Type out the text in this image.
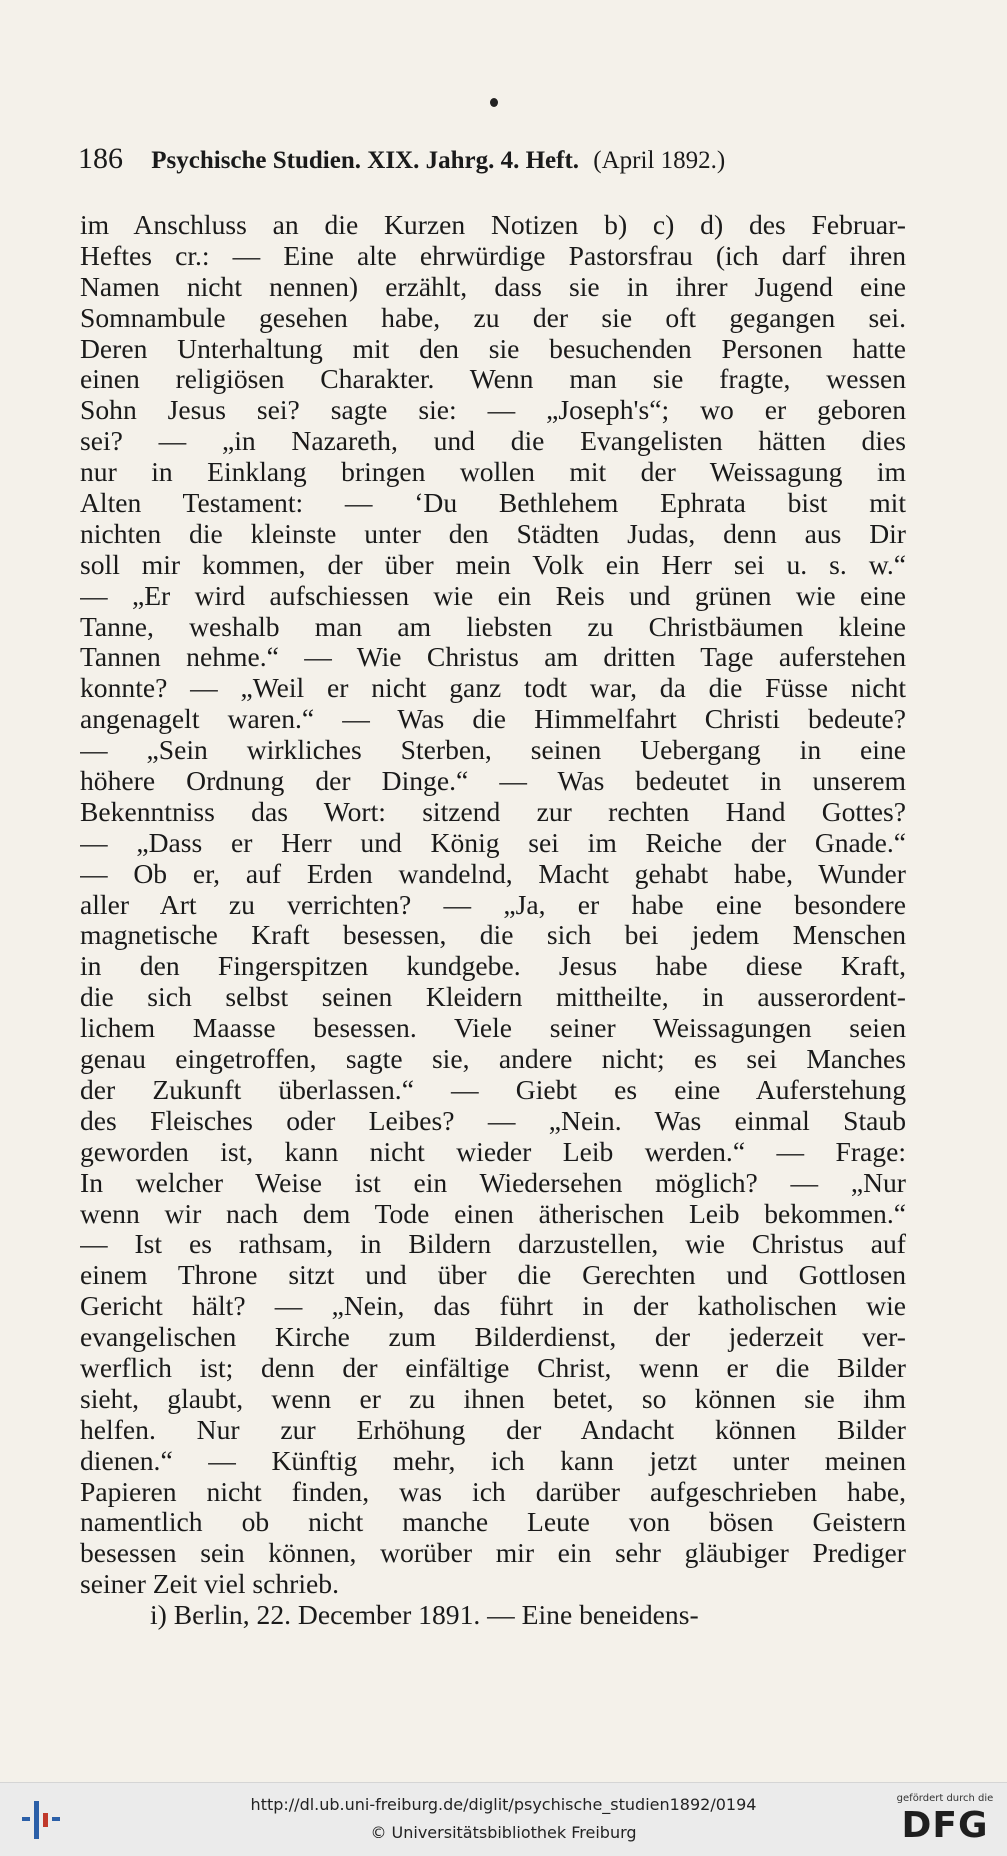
186 Psychische Studien. XIX. Jahrg. 4. Heft. (April 1892.)
im Anschluss an die Kurzen Notizen b) c) d) des Februar-
Heftes cr.: — Eine alte ehrwürdige Pastorsfrau (ich darf ihren
Namen nicht nennen) erzählt, dass sie in ihrer Jugend eine
Somnambule gesehen habe, zu der sie oft gegangen sei.
Deren Unterhaltung mit den sie besuchenden Personen hatte
einen religiösen Charakter. Wenn man sie fragte, wessen
Sohn Jesus sei? sagte sie: — „Joseph's“; wo er geboren
sei? — „in Nazareth, und die Evangelisten hätten dies
nur in Einklang bringen wollen mit der Weissagung im
Alten Testament: — ‘Du Bethlehem Ephrata bist mit
nichten die kleinste unter den Städten Judas, denn aus Dir
soll mir kommen, der über mein Volk ein Herr sei u. s. w.“
— „Er wird aufschiessen wie ein Reis und grünen wie eine
Tanne, weshalb man am liebsten zu Christbäumen kleine
Tannen nehme.“ — Wie Christus am dritten Tage auferstehen
konnte? — „Weil er nicht ganz todt war, da die Füsse nicht
angenagelt waren.“ — Was die Himmelfahrt Christi bedeute?
— „Sein wirkliches Sterben, seinen Uebergang in eine
höhere Ordnung der Dinge.“ — Was bedeutet in unserem
Bekenntniss das Wort: sitzend zur rechten Hand Gottes?
— „Dass er Herr und König sei im Reiche der Gnade.“
— Ob er, auf Erden wandelnd, Macht gehabt habe, Wunder
aller Art zu verrichten? — „Ja, er habe eine besondere
magnetische Kraft besessen, die sich bei jedem Menschen
in den Fingerspitzen kundgebe. Jesus habe diese Kraft,
die sich selbst seinen Kleidern mittheilte, in ausserordent-
lichem Maasse besessen. Viele seiner Weissagungen seien
genau eingetroffen, sagte sie, andere nicht; es sei Manches
der Zukunft überlassen.“ — Giebt es eine Auferstehung
des Fleisches oder Leibes? — „Nein. Was einmal Staub
geworden ist, kann nicht wieder Leib werden.“ — Frage:
In welcher Weise ist ein Wiedersehen möglich? — „Nur
wenn wir nach dem Tode einen ätherischen Leib bekommen.“
— Ist es rathsam, in Bildern darzustellen, wie Christus auf
einem Throne sitzt und über die Gerechten und Gottlosen
Gericht hält? — „Nein, das führt in der katholischen wie
evangelischen Kirche zum Bilderdienst, der jederzeit ver-
werflich ist; denn der einfältige Christ, wenn er die Bilder
sieht, glaubt, wenn er zu ihnen betet, so können sie ihm
helfen. Nur zur Erhöhung der Andacht können Bilder
dienen.“ — Künftig mehr, ich kann jetzt unter meinen
Papieren nicht finden, was ich darüber aufgeschrieben habe,
namentlich ob nicht manche Leute von bösen Geistern
besessen sein können, worüber mir ein sehr gläubiger Prediger
seiner Zeit viel schrieb.
i) Berlin, 22. December 1891. — Eine beneidens-
http://dl.ub.uni-freiburg.de/diglit/psychische_studien1892/0194
© Universitätsbibliothek Freiburg
gefördert durch die
DFG
